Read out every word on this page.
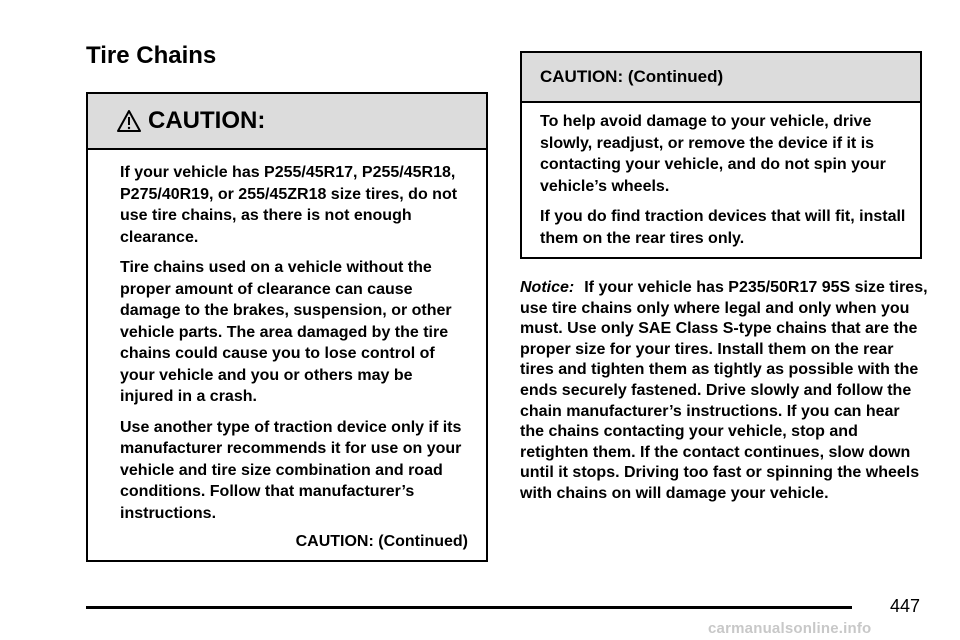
Tire Chains
CAUTION:

If your vehicle has P255/45R17, P255/45R18, P275/40R19, or 255/45ZR18 size tires, do not use tire chains, as there is not enough clearance.

Tire chains used on a vehicle without the proper amount of clearance can cause damage to the brakes, suspension, or other vehicle parts. The area damaged by the tire chains could cause you to lose control of your vehicle and you or others may be injured in a crash.

Use another type of traction device only if its manufacturer recommends it for use on your vehicle and tire size combination and road conditions. Follow that manufacturer’s instructions.

CAUTION: (Continued)
CAUTION: (Continued)

To help avoid damage to your vehicle, drive slowly, readjust, or remove the device if it is contacting your vehicle, and do not spin your vehicle’s wheels.

If you do find traction devices that will fit, install them on the rear tires only.

Notice: If your vehicle has P235/50R17 95S size tires, use tire chains only where legal and only when you must. Use only SAE Class S-type chains that are the proper size for your tires. Install them on the rear tires and tighten them as tightly as possible with the ends securely fastened. Drive slowly and follow the chain manufacturer’s instructions. If you can hear the chains contacting your vehicle, stop and retighten them. If the contact continues, slow down until it stops. Driving too fast or spinning the wheels with chains on will damage your vehicle.

447
carmanualsonline.info
